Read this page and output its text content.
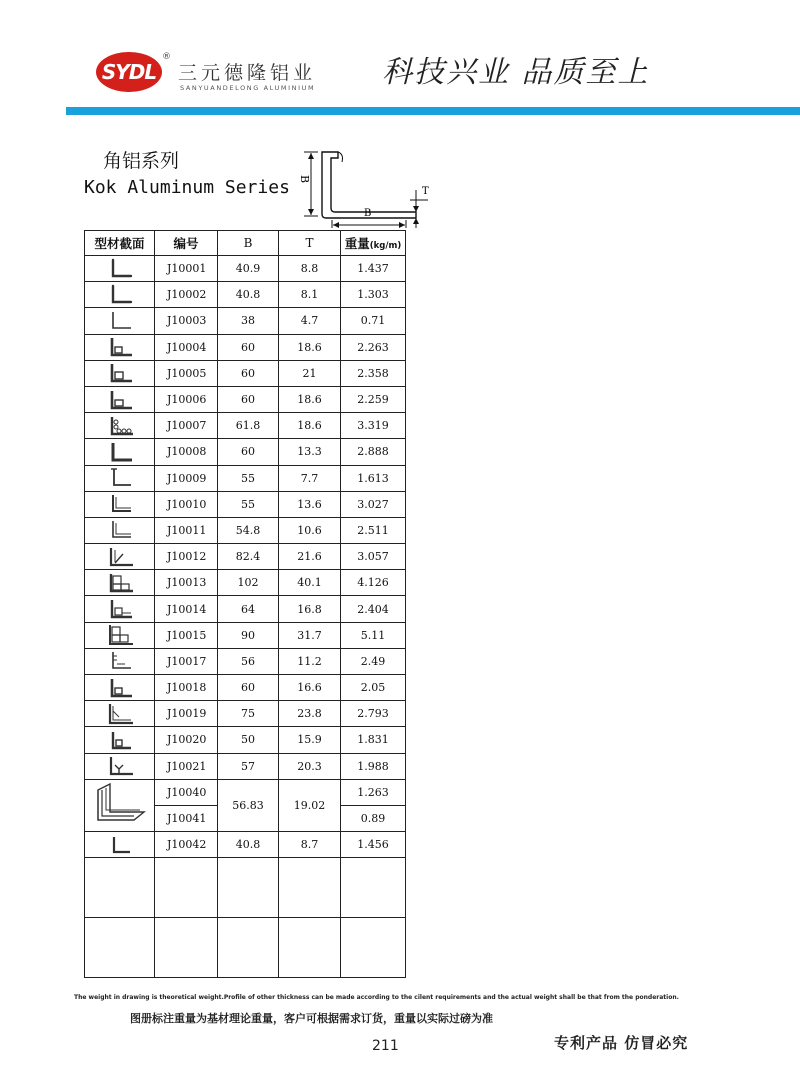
SYDL
®
三元德隆铝业
SANYUANDELONG ALUMINIUM 科技兴业 品质至上
角铝系列
Kok Aluminum Series B
B
T
型材截面	编号	B	T	重量(kg/m)

	J10001	40.9	8.8	1.437

	J10002	40.8	8.1	1.303

	J10003	38	4.7	0.71

	J10004	60	18.6	2.263

	J10005	60	21	2.358

	J10006	60	18.6	2.259

	J10007	61.8	18.6	3.319

	J10008	60	13.3	2.888

	J10009	55	7.7	1.613

	J10010	55	13.6	3.027

	J10011	54.8	10.6	2.511

	J10012	82.4	21.6	3.057

	J10013	102	40.1	4.126

	J10014	64	16.8	2.404

	J10015	90	31.7	5.11

	J10017	56	11.2	2.49

	J10018	60	16.6	2.05

	J10019	75	23.8	2.793

	J10020	50	15.9	1.831

	J10021	57	20.3	1.988

	J10040	56.83	19.02	1.263
	J10041			0.89

	J10042	40.8	8.7	1.456

The weight in drawing is theoretical weight.Profile of other thickness can be made according to the cilent requirements and the actual weight shall be that from the ponderation.
图册标注重量为基材理论重量，客户可根据需求订货，重量以实际过磅为准
211	专利产品 仿冒必究
